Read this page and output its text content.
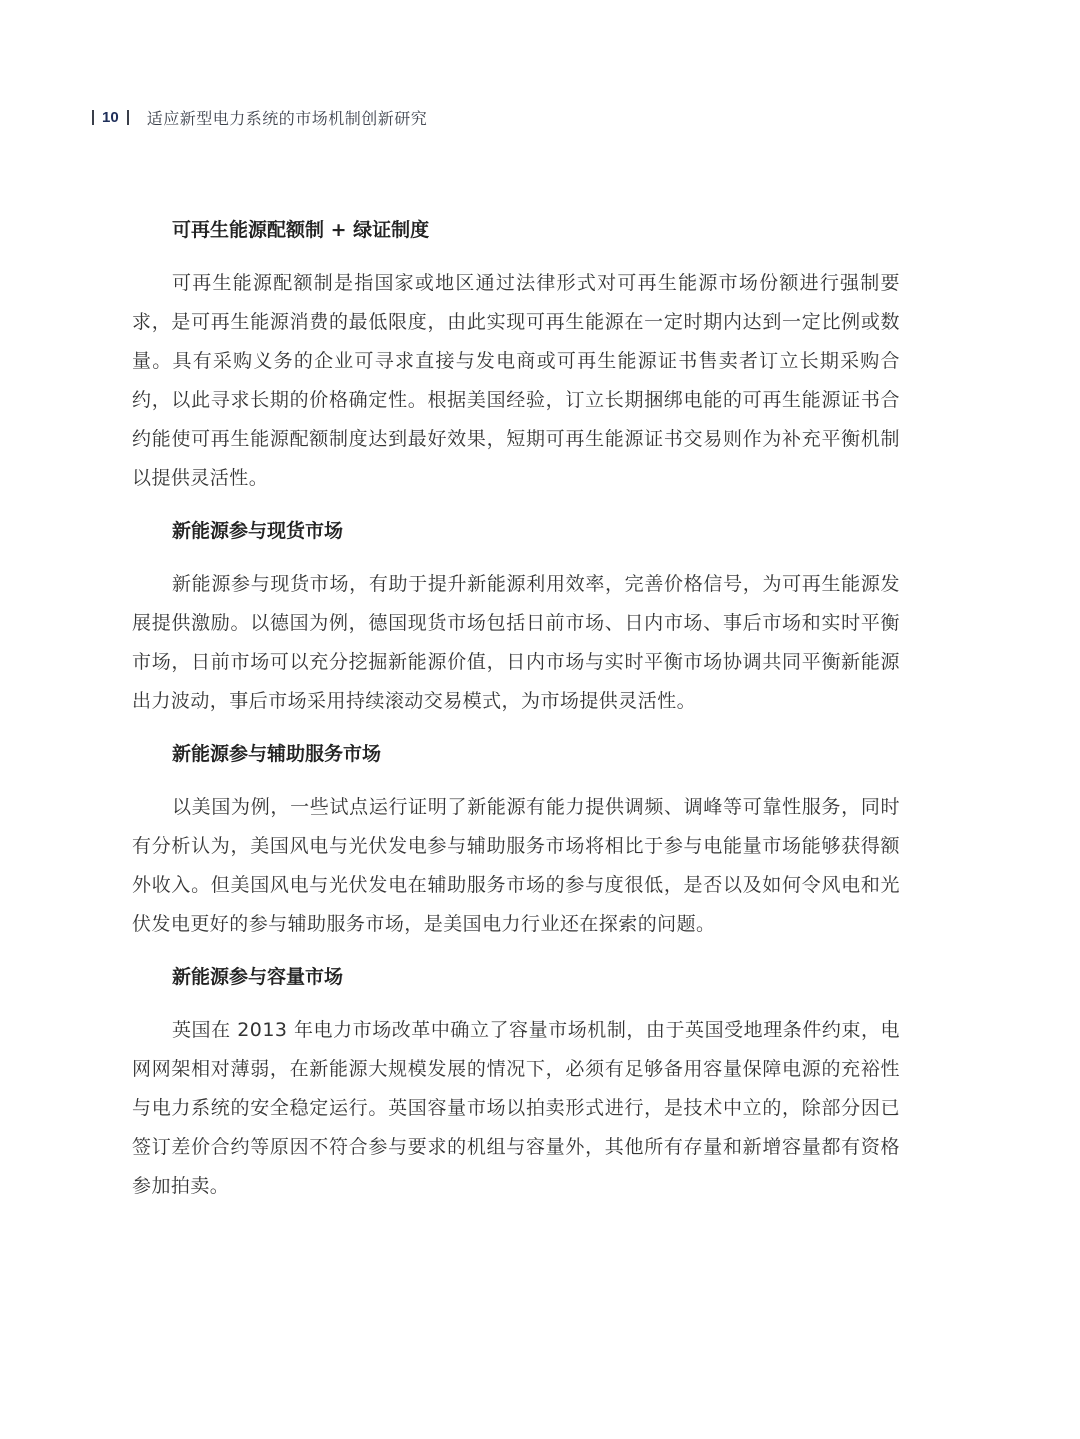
10 适应新型电力系统的市场机制创新研究
可再生能源配额制 + 绿证制度

可再生能源配额制是指国家或地区通过法律形式对可再生能源市场份额进行强制要求，是可再生能源消费的最低限度，由此实现可再生能源在一定时期内达到一定比例或数量。具有采购义务的企业可寻求直接与发电商或可再生能源证书售卖者订立长期采购合约，以此寻求长期的价格确定性。根据美国经验，订立长期捆绑电能的可再生能源证书合约能使可再生能源配额制度达到最好效果，短期可再生能源证书交易则作为补充平衡机制以提供灵活性。

新能源参与现货市场

新能源参与现货市场，有助于提升新能源利用效率，完善价格信号，为可再生能源发展提供激励。以德国为例，德国现货市场包括日前市场、日内市场、事后市场和实时平衡市场，日前市场可以充分挖掘新能源价值，日内市场与实时平衡市场协调共同平衡新能源出力波动，事后市场采用持续滚动交易模式，为市场提供灵活性。

新能源参与辅助服务市场

以美国为例，一些试点运行证明了新能源有能力提供调频、调峰等可靠性服务，同时有分析认为，美国风电与光伏发电参与辅助服务市场将相比于参与电能量市场能够获得额外收入。但美国风电与光伏发电在辅助服务市场的参与度很低，是否以及如何令风电和光伏发电更好的参与辅助服务市场，是美国电力行业还在探索的问题。

新能源参与容量市场

英国在 2013 年电力市场改革中确立了容量市场机制，由于英国受地理条件约束，电网网架相对薄弱，在新能源大规模发展的情况下，必须有足够备用容量保障电源的充裕性与电力系统的安全稳定运行。英国容量市场以拍卖形式进行，是技术中立的，除部分因已签订差价合约等原因不符合参与要求的机组与容量外，其他所有存量和新增容量都有资格参加拍卖。
